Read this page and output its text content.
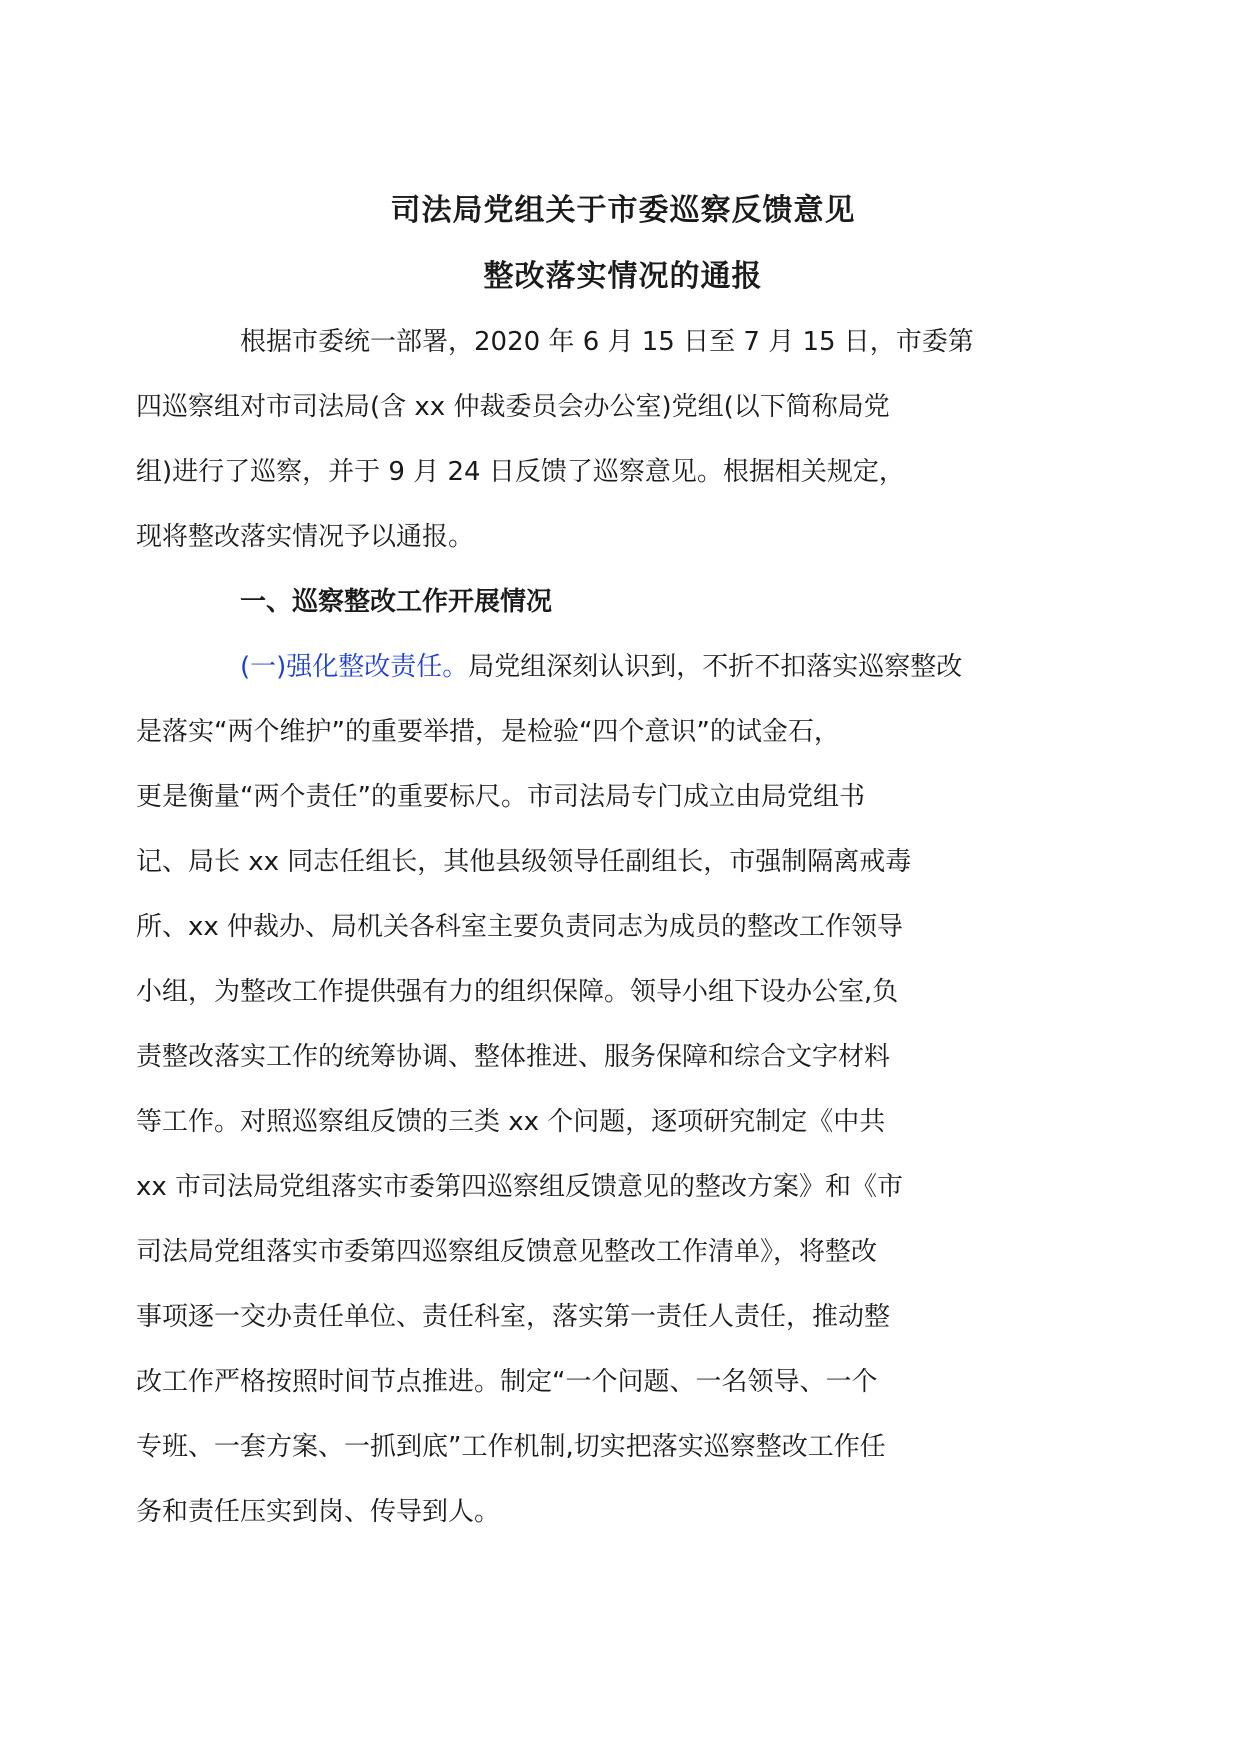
司法局党组关于市委巡察反馈意见
整改落实情况的通报

根据市委统一部署，2020 年 6 月 15 日至 7 月 15 日，市委第
四巡察组对市司法局(含 xx 仲裁委员会办公室)党组(以下简称局党
组)进行了巡察，并于 9 月 24 日反馈了巡察意见。根据相关规定，
现将整改落实情况予以通报。

一、巡察整改工作开展情况

(一)强化整改责任。局党组深刻认识到，不折不扣落实巡察整改
是落实“两个维护”的重要举措，是检验“四个意识”的试金石，
更是衡量“两个责任”的重要标尺。市司法局专门成立由局党组书
记、局长 xx 同志任组长，其他县级领导任副组长，市强制隔离戒毒
所、xx 仲裁办、局机关各科室主要负责同志为成员的整改工作领导
小组，为整改工作提供强有力的组织保障。领导小组下设办公室,负
责整改落实工作的统筹协调、整体推进、服务保障和综合文字材料
等工作。对照巡察组反馈的三类 xx 个问题，逐项研究制定《中共
xx 市司法局党组落实市委第四巡察组反馈意见的整改方案》和《市
司法局党组落实市委第四巡察组反馈意见整改工作清单》，将整改
事项逐一交办责任单位、责任科室，落实第一责任人责任，推动整
改工作严格按照时间节点推进。制定“一个问题、一名领导、一个
专班、一套方案、一抓到底”工作机制,切实把落实巡察整改工作任
务和责任压实到岗、传导到人。
